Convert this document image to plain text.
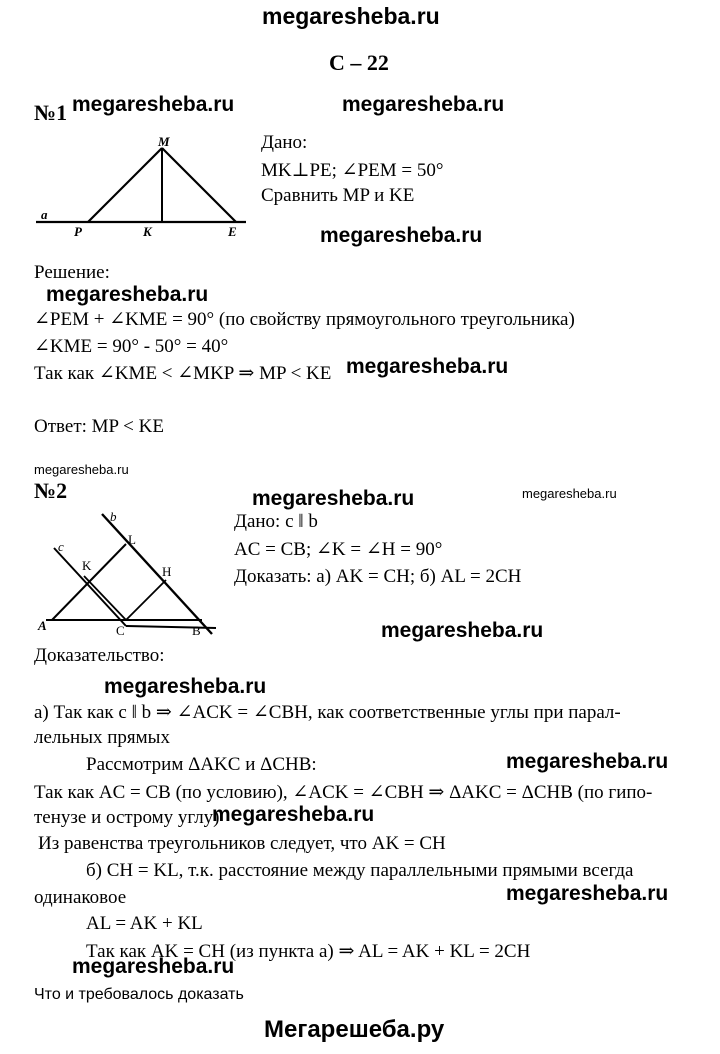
megaresheba.ru
С – 22
№1 megaresheba.ru	megaresheba.ru
a
M
P	K	E
Дано:
MK⊥PE; ∠PEM = 50°
Сравнить MP и KE
megaresheba.ru
Решение:
megaresheba.ru
∠PEM + ∠KME = 90° (по свойству прямоугольного треугольника)
∠KME = 90° - 50° = 40°
Так как ∠KME < ∠MKP ⇒ MP < KE megaresheba.ru
Ответ: MP < KE
megaresheba.ru
№2	megaresheba.ru	megaresheba.ru
b
c	L
K	H
A	C	B
Дано: c ‖ b
AC = CB; ∠K = ∠H = 90°
Доказать: а) AK = CH; б) AL = 2CH
megaresheba.ru
Доказательство:
megaresheba.ru
а) Так как c ‖ b ⇒ ∠ACK = ∠CBH, как соответственные углы при парал-
лельных прямых
Рассмотрим ΔAKC и ΔCHB:	megaresheba.ru
Так как AC = CB (по условию), ∠ACK = ∠CBH ⇒ ΔAKC = ΔCHB (по гипо-
тенузе и острому углу)
megaresheba.ru
Из равенства треугольников следует, что AK = CH
б) CH = KL, т.к. расстояние между параллельными прямыми всегда
одинаковое	megaresheba.ru
AL = AK + KL
Так как AK = CH (из пункта а) ⇒ AL = AK + KL = 2CH
megaresheba.ru
Что и требовалось доказать
Мегарешеба.ру
